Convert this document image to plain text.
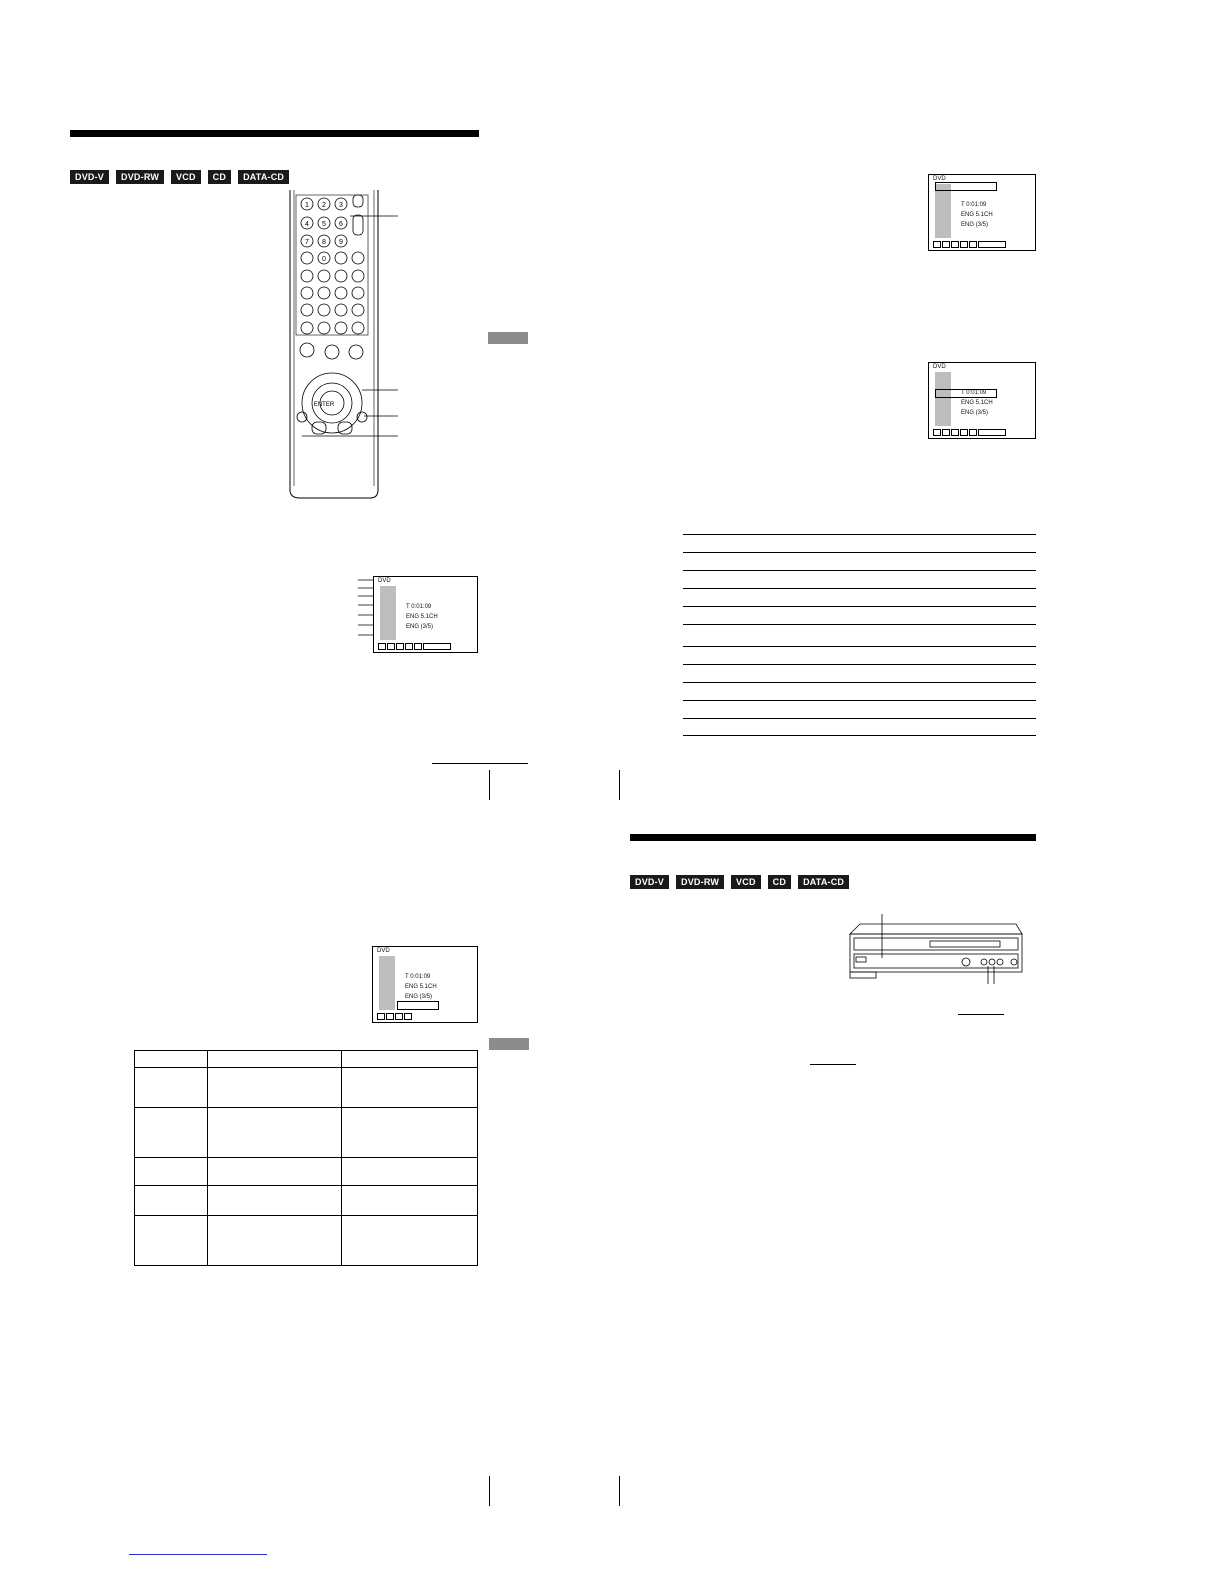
DVD-V	DVD-RW	VCD	CD	DATA-CD
ENTER
1 2 3
4 5 6
7 8 9
0
DVD
T 0:01:09
ENG 5.1CH
ENG (3/5)
DVD
T 0:01:09
ENG 5.1CH
ENG (3/5)
DVD
T 0:01:09
ENG 5.1CH
ENG (3/5)
DVD
T 0:01:09
ENG 5.1CH
ENG (3/5)
DVD-V	DVD-RW	VCD	CD	DATA-CD
